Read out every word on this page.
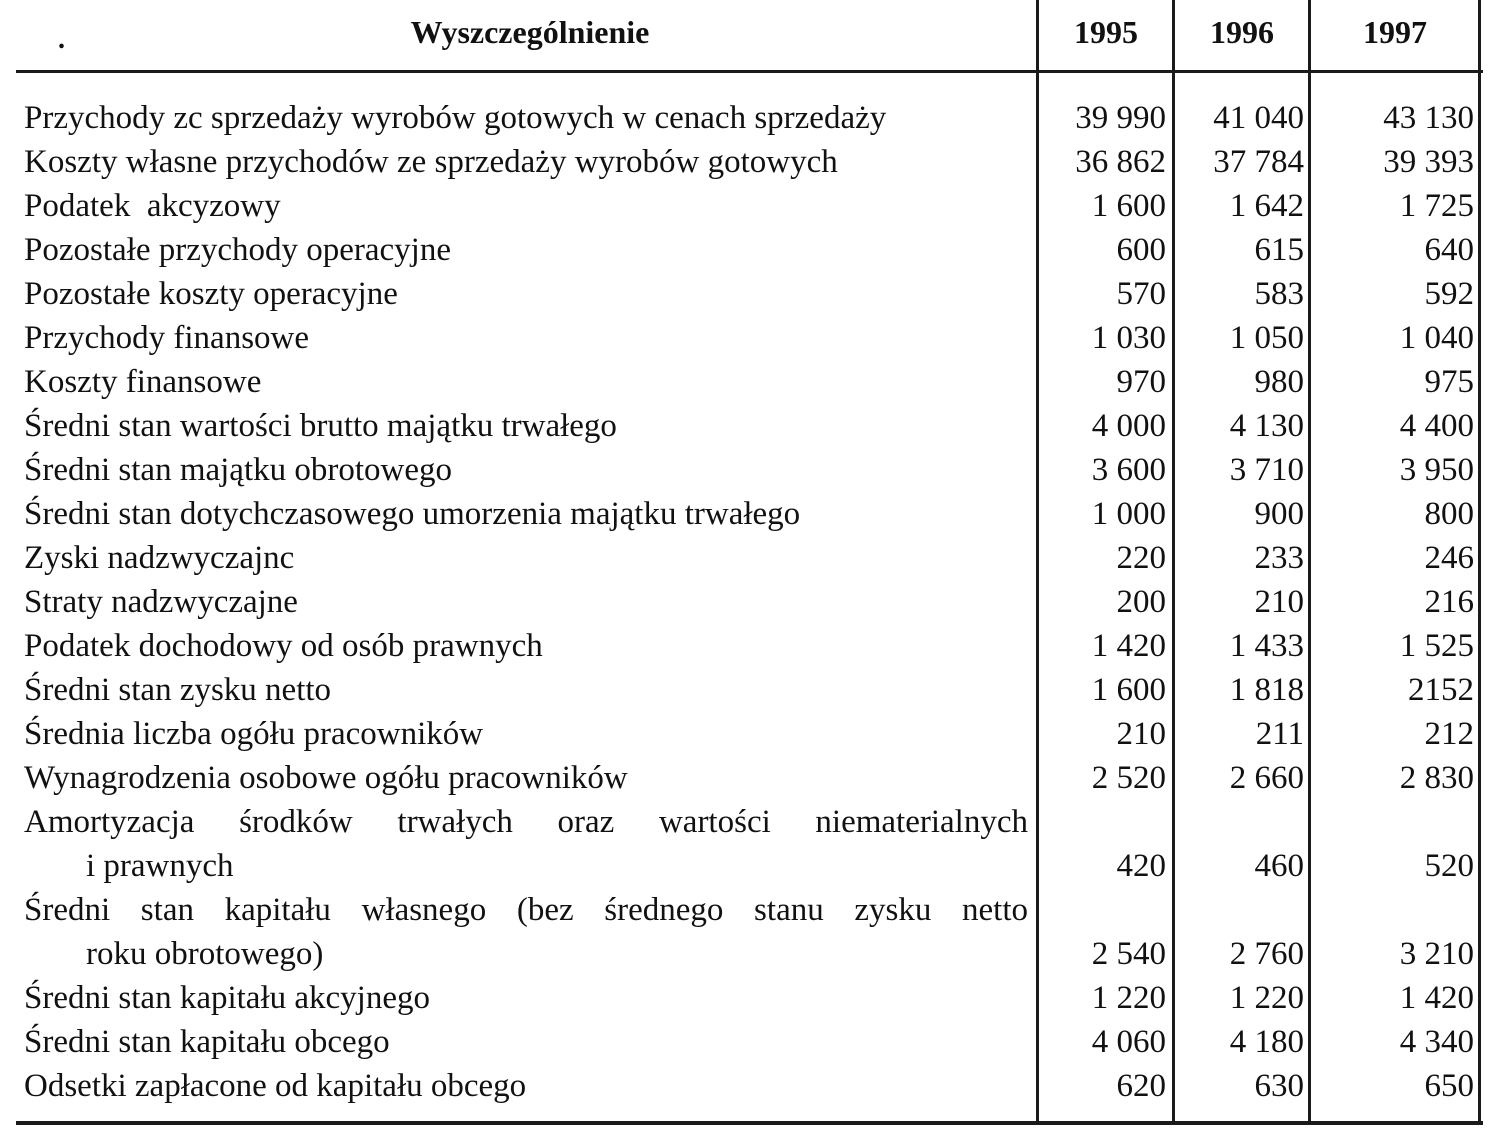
.	Wyszczególnienie	1995	1996	1997
Przychody zc sprzedaży wyrobów gotowych w cenach sprzedaży	39 990	41 040	43 130
Koszty własne przychodów ze sprzedaży wyrobów gotowych	36 862	37 784	39 393
Podatek  akcyzowy	1 600	1 642	1 725
Pozostałe przychody operacyjne	600	615	640
Pozostałe koszty operacyjne	570	583	592
Przychody finansowe	1 030	1 050	1 040
Koszty finansowe	970	980	975
Średni stan wartości brutto majątku trwałego	4 000	4 130	4 400
Średni stan majątku obrotowego	3 600	3 710	3 950
Średni stan dotychczasowego umorzenia majątku trwałego	1 000	900	800
Zyski nadzwyczajnc	220	233	246
Straty nadzwyczajne	200	210	216
Podatek dochodowy od osób prawnych	1 420	1 433	1 525
Średni stan zysku netto	1 600	1 818	2152
Średnia liczba ogółu pracowników	210	211	212
Wynagrodzenia osobowe ogółu pracowników	2 520	2 660	2 830
Amortyzacja środków trwałych oraz wartości niematerialnych
i prawnych	420	460	520
Średni stan kapitału własnego (bez średnego stanu zysku netto
roku obrotowego)	2 540	2 760	3 210
Średni stan kapitału akcyjnego	1 220	1 220	1 420
Średni stan kapitału obcego	4 060	4 180	4 340
Odsetki zapłacone od kapitału obcego	620	630	650
